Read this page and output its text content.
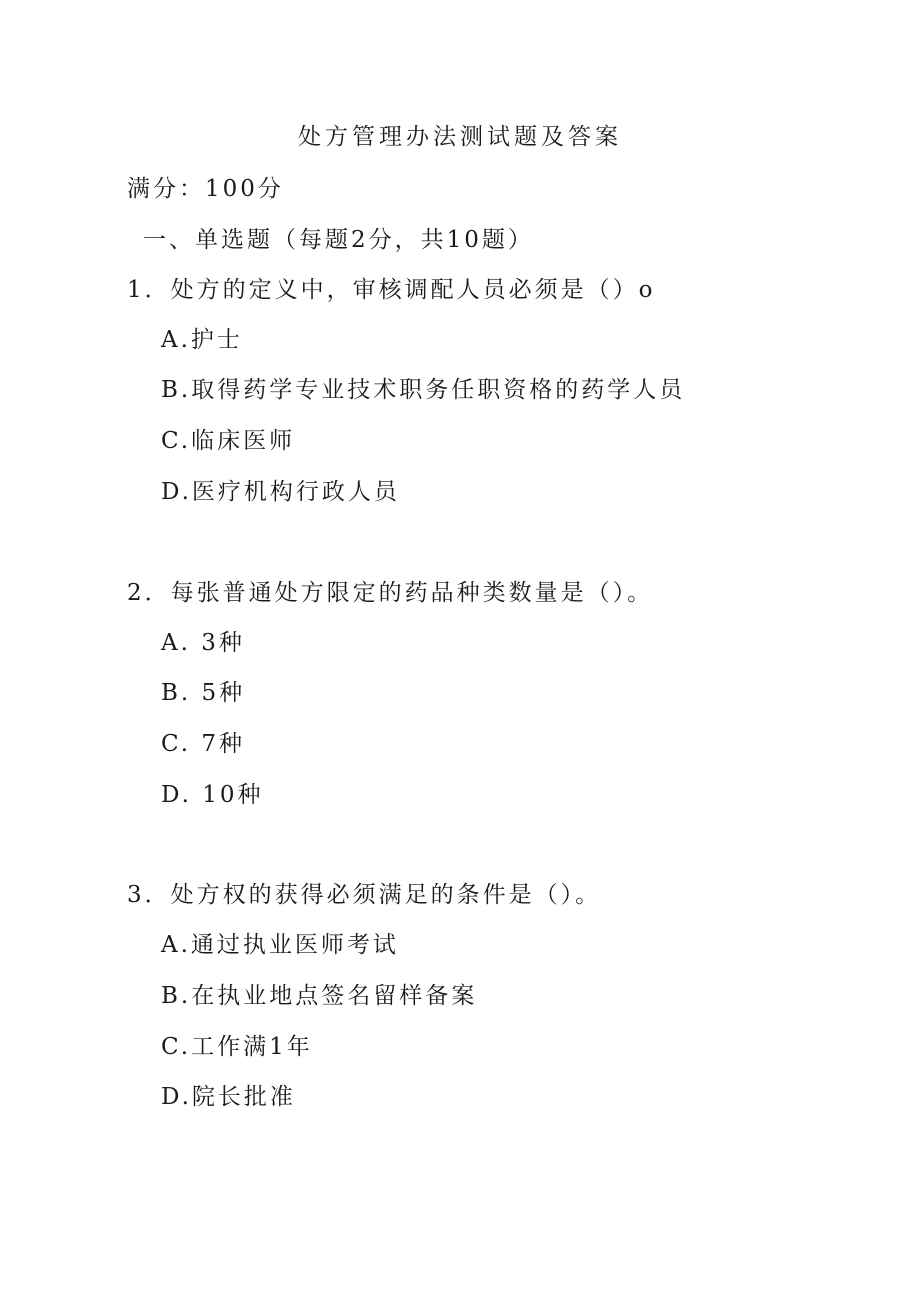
处方管理办法测试题及答案
满分：100分
一、单选题（每题2分，共10题）
1．处方的定义中，审核调配人员必须是（）o
A.护士
B.取得药学专业技术职务任职资格的药学人员
C.临床医师
D.医疗机构行政人员
2．每张普通处方限定的药品种类数量是（）。
A. 3种
B. 5种
C. 7种
D. 10种
3．处方权的获得必须满足的条件是（）。
A.通过执业医师考试
B.在执业地点签名留样备案
C.工作满1年
D.院长批准
